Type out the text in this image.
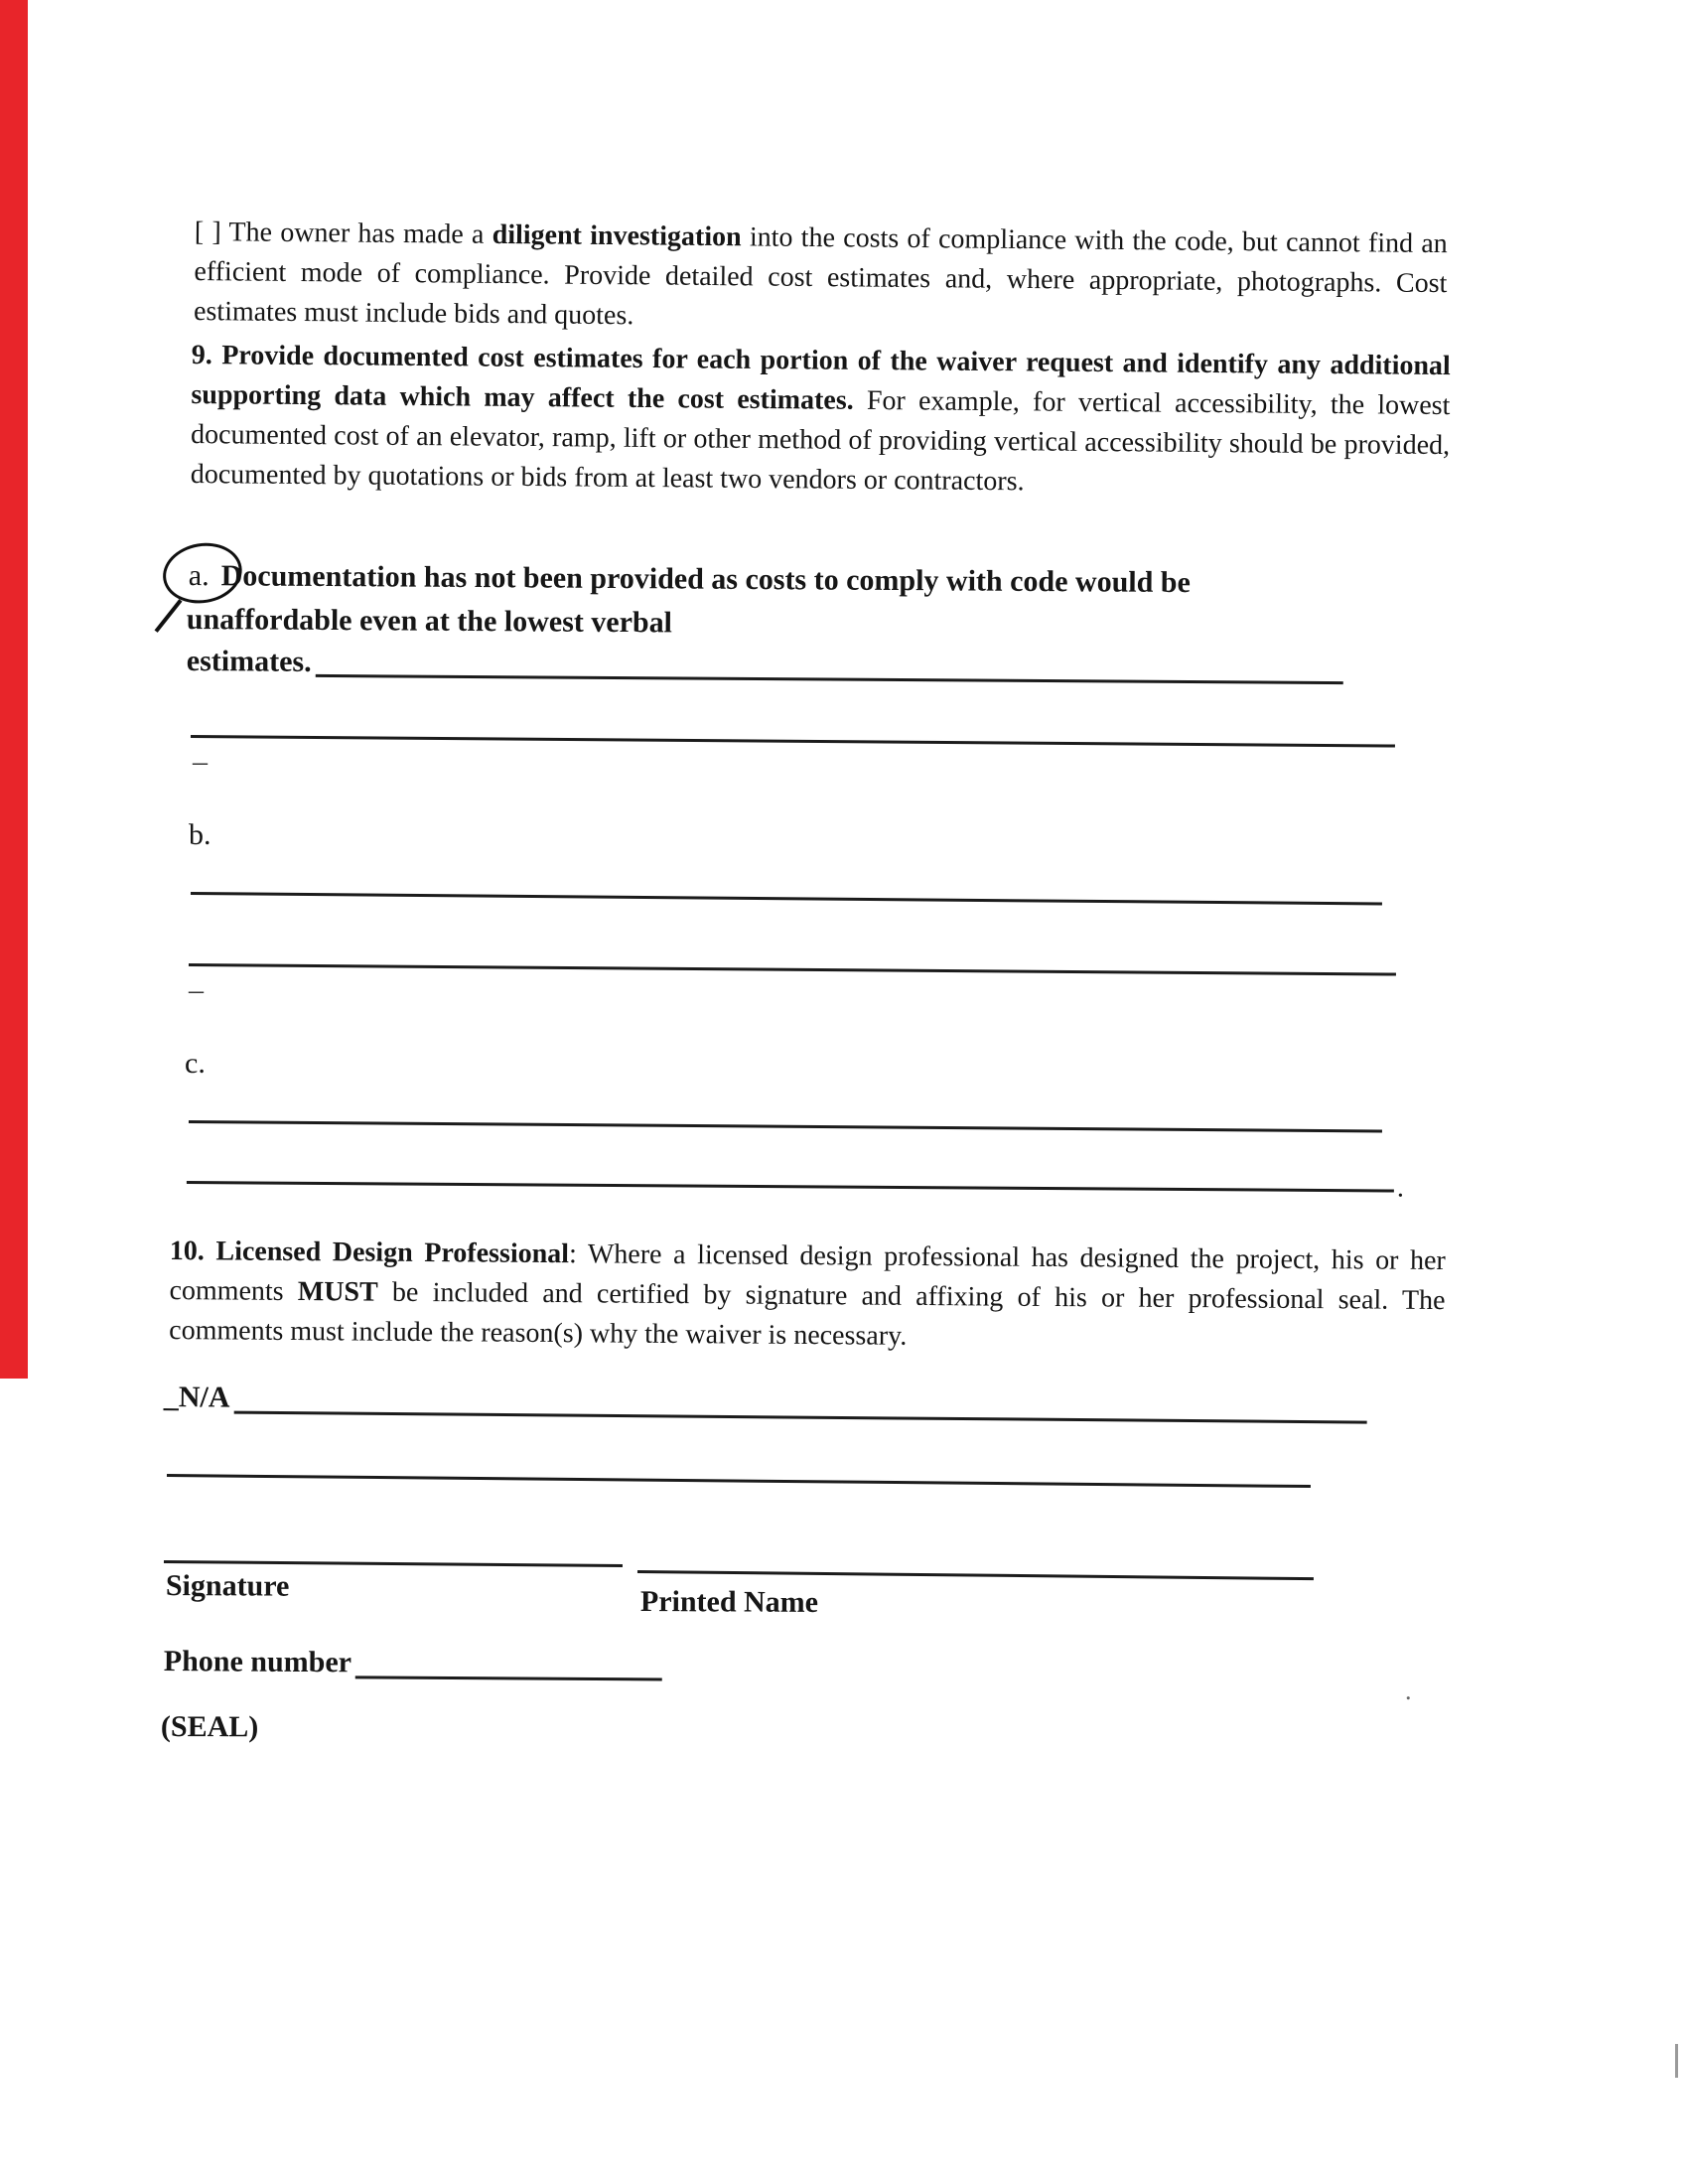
[ ] The owner has made a diligent investigation into the costs of compliance with the code, but cannot find an efficient mode of compliance. Provide detailed cost estimates and, where appropriate, photographs. Cost estimates must include bids and quotes.

9. Provide documented cost estimates for each portion of the waiver request and identify any additional supporting data which may affect the cost estimates. For example, for vertical accessibility, the lowest documented cost of an elevator, ramp, lift or other method of providing vertical accessibility should be provided, documented by quotations or bids from at least two vendors or contractors.

a. Documentation has not been provided as costs to comply with code would be
unaffordable even at the lowest verbal
estimates.
–
b.
–
c.
.

10. Licensed Design Professional: Where a licensed design professional has designed the project, his or her comments MUST be included and certified by signature and affixing of his or her professional seal. The comments must include the reason(s) why the waiver is necessary.

_N/A
Signature	Printed Name
Phone number
(SEAL)
.
